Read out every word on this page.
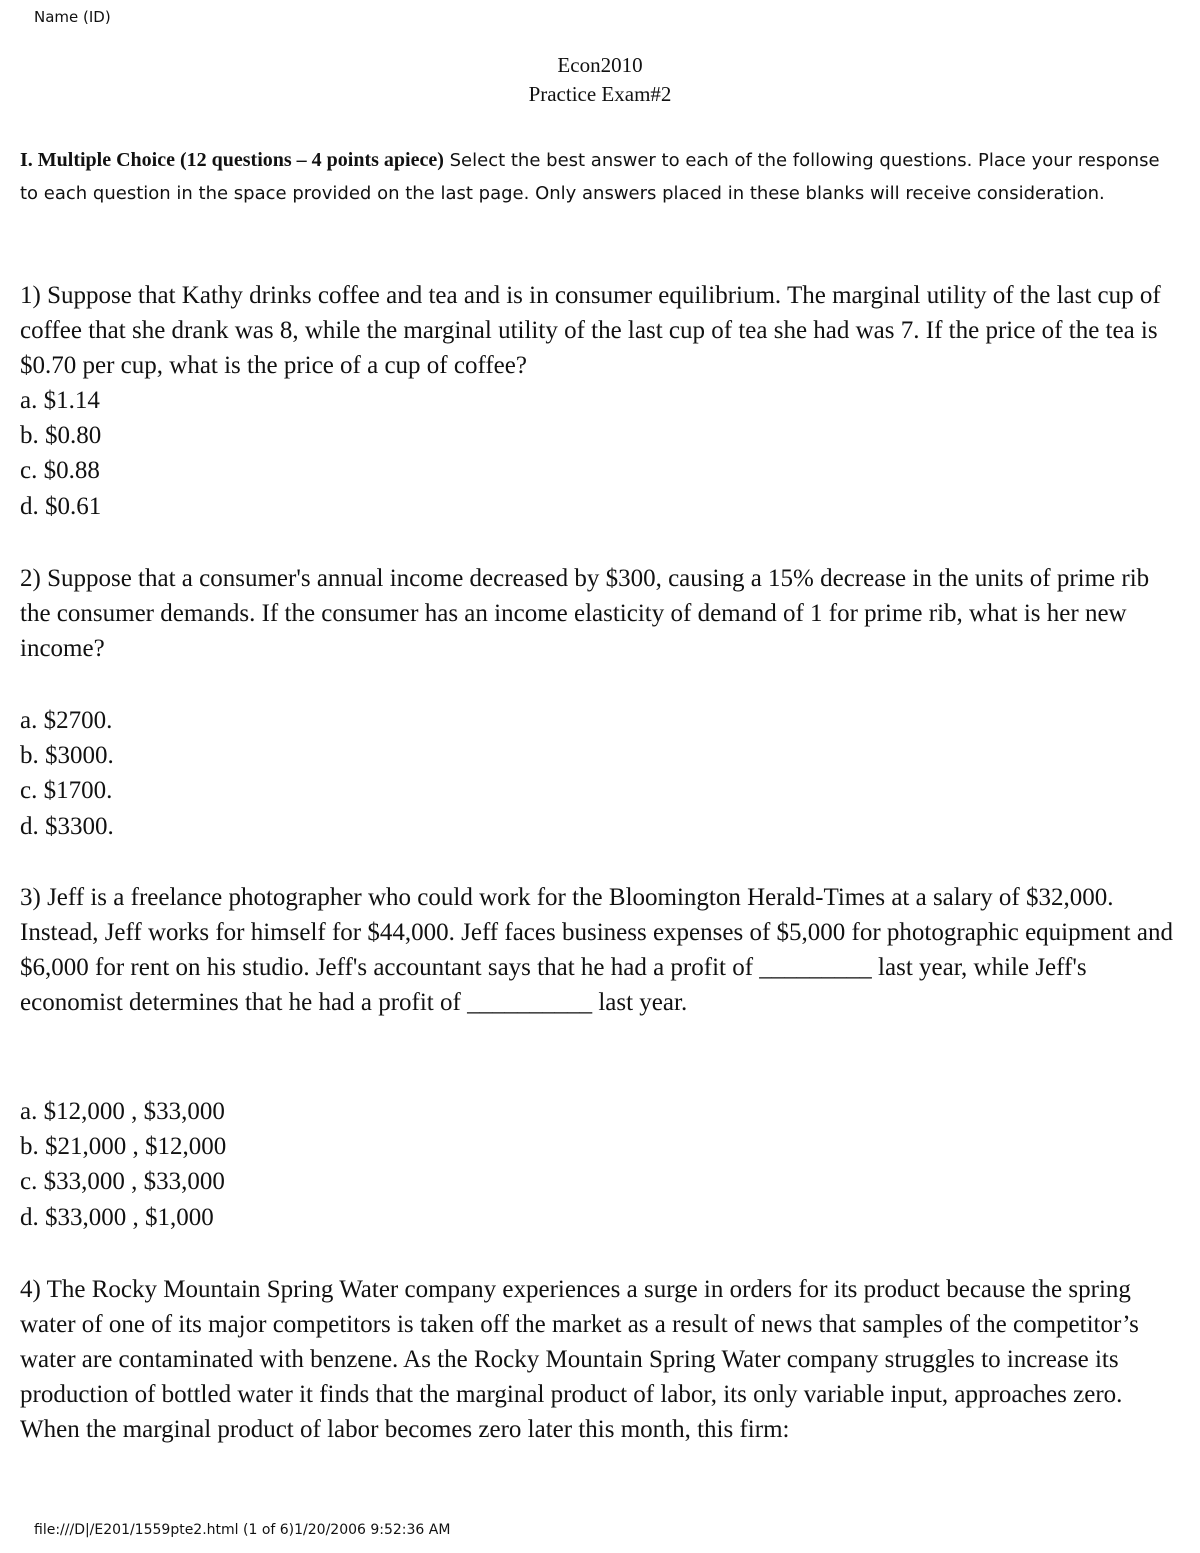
Name (ID)
Econ2010
Practice Exam#2
I. Multiple Choice (12 questions – 4 points apiece) Select the best answer to each of the following questions. Place your response to each question in the space provided on the last page. Only answers placed in these blanks will receive consideration.

1) Suppose that Kathy drinks coffee and tea and is in consumer equilibrium. The marginal utility of the last cup of coffee that she drank was 8, while the marginal utility of the last cup of tea she had was 7. If the price of the tea is $0.70 per cup, what is the price of a cup of coffee?

a. $1.14
b. $0.80
c. $0.88
d. $0.61

2) Suppose that a consumer's annual income decreased by $300, causing a 15% decrease in the units of prime rib the consumer demands. If the consumer has an income elasticity of demand of 1 for prime rib, what is her new income?

a. $2700.
b. $3000.
c. $1700.
d. $3300.

3) Jeff is a freelance photographer who could work for the Bloomington Herald-Times at a salary of $32,000. Instead, Jeff works for himself for $44,000. Jeff faces business expenses of $5,000 for photographic equipment and $6,000 for rent on his studio. Jeff's accountant says that he had a profit of _________ last year, while Jeff's economist determines that he had a profit of __________ last year.

a. $12,000 , $33,000
b. $21,000 , $12,000
c. $33,000 , $33,000
d. $33,000 , $1,000

4) The Rocky Mountain Spring Water company experiences a surge in orders for its product because the spring water of one of its major competitors is taken off the market as a result of news that samples of the competitor’s water are contaminated with benzene. As the Rocky Mountain Spring Water company struggles to increase its production of bottled water it finds that the marginal product of labor, its only variable input, approaches zero. When the marginal product of labor becomes zero later this month, this firm:

file:///D|/E201/1559pte2.html (1 of 6)1/20/2006 9:52:36 AM
